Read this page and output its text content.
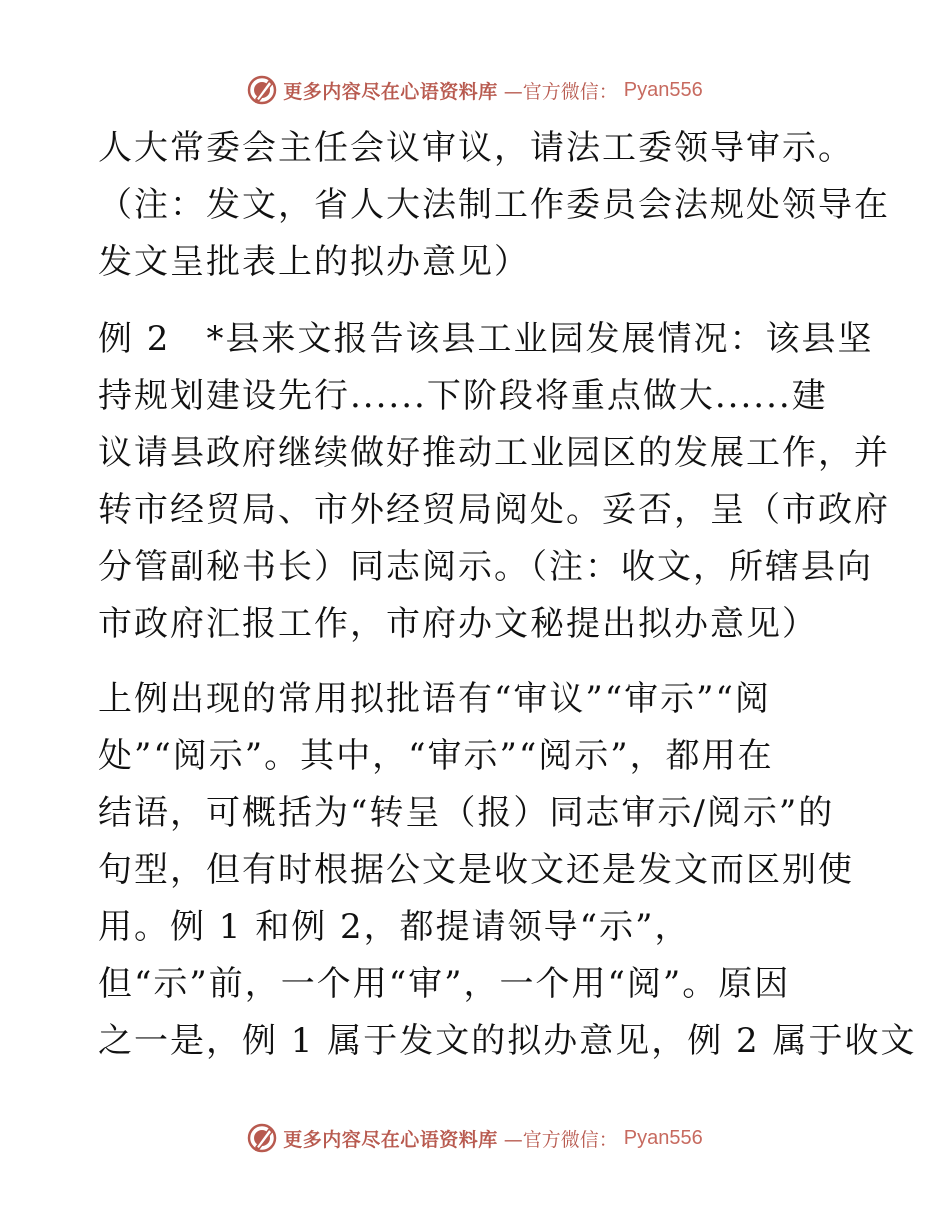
更多内容尽在心语资料库 —官方微信： Pyan556
人大常委会主任会议审议，请法工委领导审示。
（注：发文，省人大法制工作委员会法规处领导在
发文呈批表上的拟办意见）
例 2　*县来文报告该县工业园发展情况：该县坚
持规划建设先行......下阶段将重点做大......建
议请县政府继续做好推动工业园区的发展工作，并
转市经贸局、市外经贸局阅处。妥否，呈（市政府
分管副秘书长）同志阅示。（注：收文，所辖县向
市政府汇报工作，市府办文秘提出拟办意见）
上例出现的常用拟批语有“审议”“审示”“阅
处”“阅示”。其中，“审示”“阅示”，都用在
结语，可概括为“转呈（报）同志审示/阅示”的
句型，但有时根据公文是收文还是发文而区别使
用。例 1 和例 2，都提请领导“示”，
但“示”前，一个用“审”，一个用“阅”。原因
之一是，例 1 属于发文的拟办意见，例 2 属于收文
更多内容尽在心语资料库 —官方微信： Pyan556
